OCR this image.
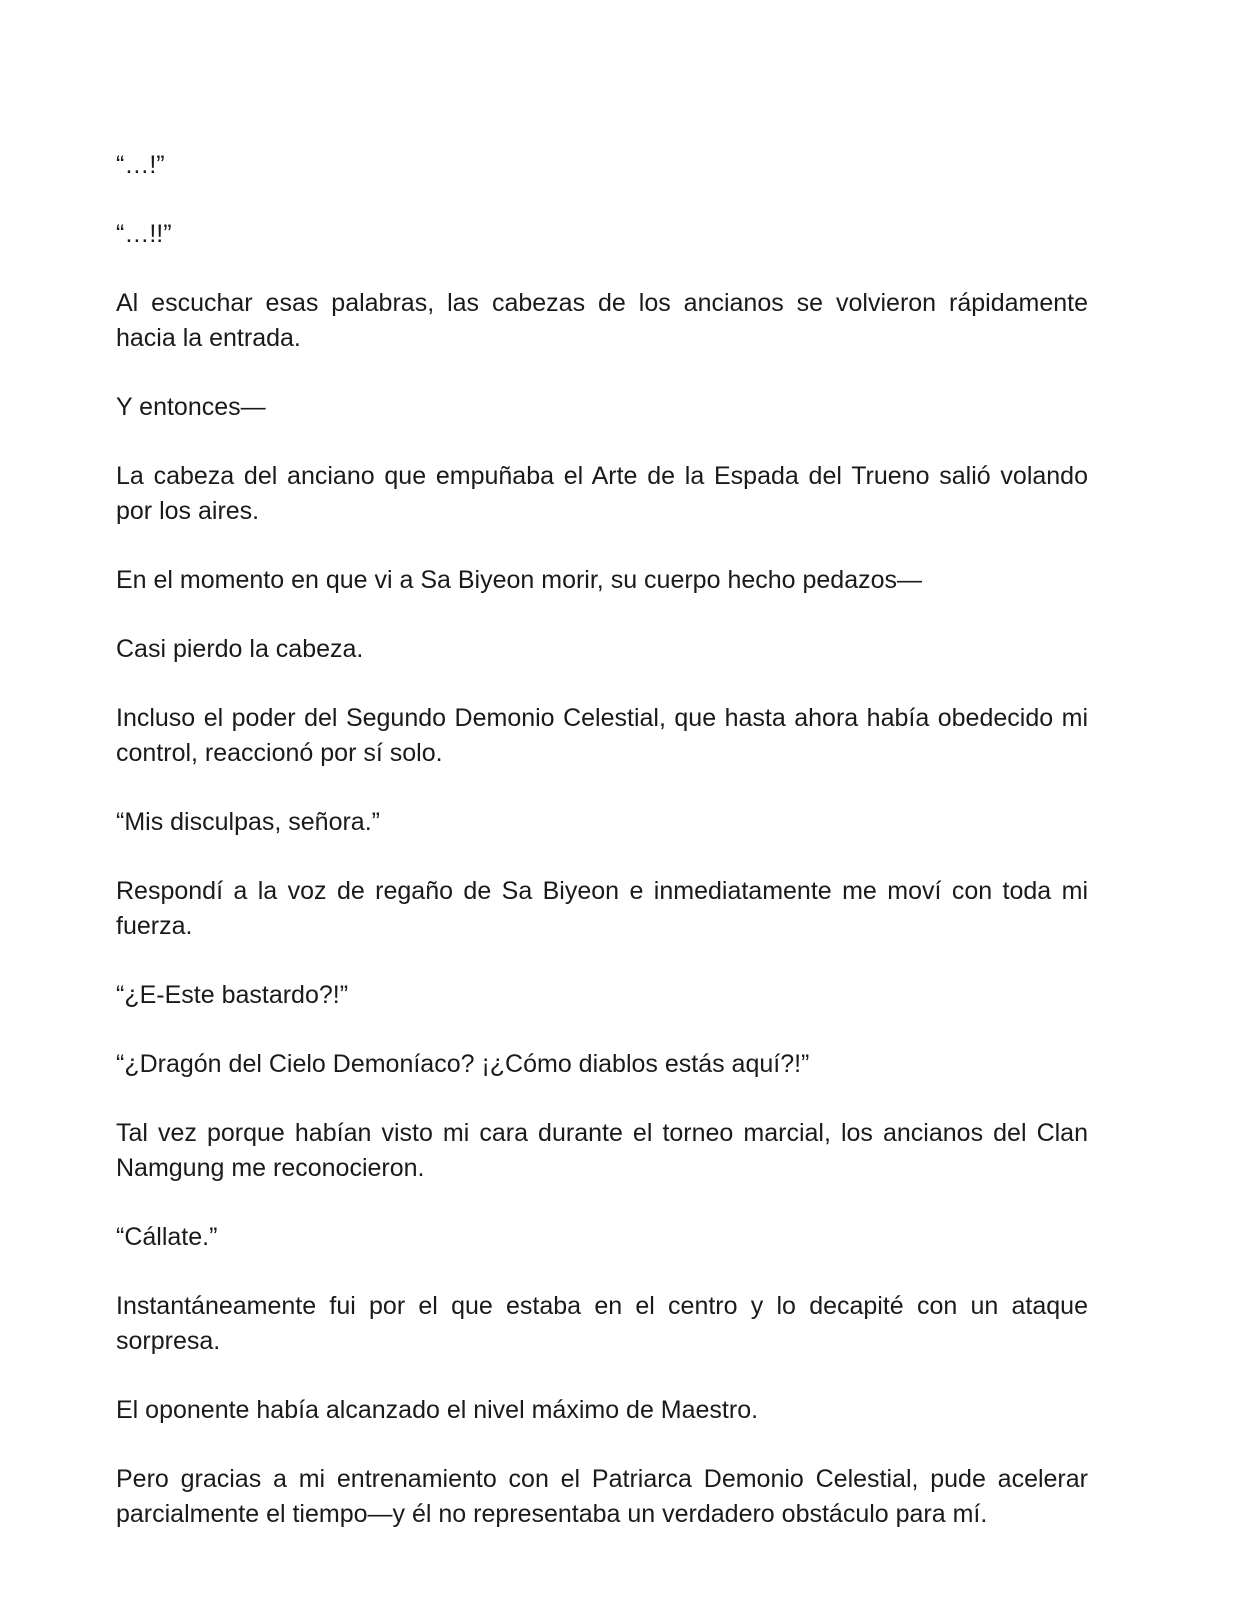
“…!”

“…!!”

Al escuchar esas palabras, las cabezas de los ancianos se volvieron rápidamente hacia la entrada.

Y entonces—

La cabeza del anciano que empuñaba el Arte de la Espada del Trueno salió volando por los aires.

En el momento en que vi a Sa Biyeon morir, su cuerpo hecho pedazos—

Casi pierdo la cabeza.

Incluso el poder del Segundo Demonio Celestial, que hasta ahora había obedecido mi control, reaccionó por sí solo.

“Mis disculpas, señora.”

Respondí a la voz de regaño de Sa Biyeon e inmediatamente me moví con toda mi fuerza.

“¿E-Este bastardo?!”

“¿Dragón del Cielo Demoníaco? ¡¿Cómo diablos estás aquí?!”

Tal vez porque habían visto mi cara durante el torneo marcial, los ancianos del Clan Namgung me reconocieron.

“Cállate.”

Instantáneamente fui por el que estaba en el centro y lo decapité con un ataque sorpresa.

El oponente había alcanzado el nivel máximo de Maestro.

Pero gracias a mi entrenamiento con el Patriarca Demonio Celestial, pude acelerar parcialmente el tiempo—y él no representaba un verdadero obstáculo para mí.
